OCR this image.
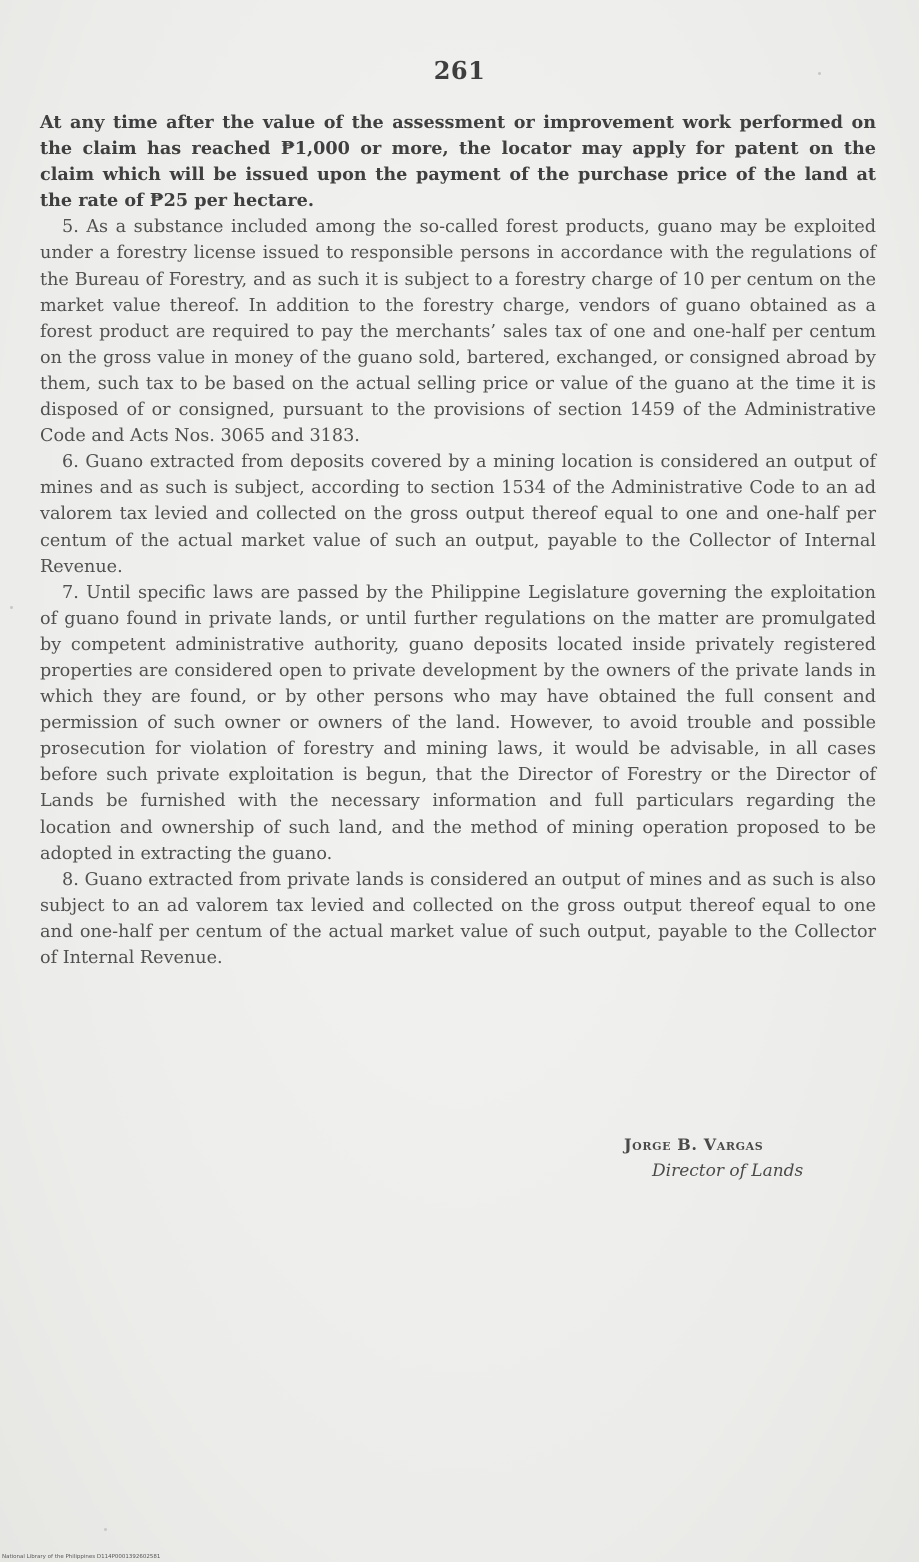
261

At any time after the value of the assessment or improvement work performed on the claim has reached ₱1,000 or more, the locator may apply for patent on the claim which will be issued upon the payment of the purchase price of the land at the rate of ₱25 per hectare.

5. As a substance included among the so-called forest products, guano may be exploited under a forestry license issued to responsible persons in accordance with the regulations of the Bureau of Forestry, and as such it is subject to a forestry charge of 10 per centum on the market value thereof. In addition to the forestry charge, vendors of guano obtained as a forest product are required to pay the merchants’ sales tax of one and one-half per centum on the gross value in money of the guano sold, bartered, exchanged, or consigned abroad by them, such tax to be based on the actual selling price or value of the guano at the time it is disposed of or consigned, pursuant to the provisions of section 1459 of the Administrative Code and Acts Nos. 3065 and 3183.

6. Guano extracted from deposits covered by a mining location is considered an output of mines and as such is subject, according to section 1534 of the Administrative Code to an ad valorem tax levied and collected on the gross output thereof equal to one and one-half per centum of the actual market value of such an output, payable to the Collector of Internal Revenue.

7. Until specific laws are passed by the Philippine Legislature governing the exploitation of guano found in private lands, or until further regulations on the matter are promulgated by competent administrative authority, guano deposits located inside privately registered properties are considered open to private development by the owners of the private lands in which they are found, or by other persons who may have obtained the full consent and permission of such owner or owners of the land. However, to avoid trouble and possible prosecution for violation of forestry and mining laws, it would be advisable, in all cases before such private exploitation is begun, that the Director of Forestry or the Director of Lands be furnished with the necessary information and full particulars regarding the location and ownership of such land, and the method of mining operation proposed to be adopted in extracting the guano.

8. Guano extracted from private lands is considered an output of mines and as such is also subject to an ad valorem tax levied and collected on the gross output thereof equal to one and one-half per centum of the actual market value of such output, payable to the Collector of Internal Revenue.

Jorge B. Vargas
Director of Lands
National Library of the Philippines D114P0001392602581
